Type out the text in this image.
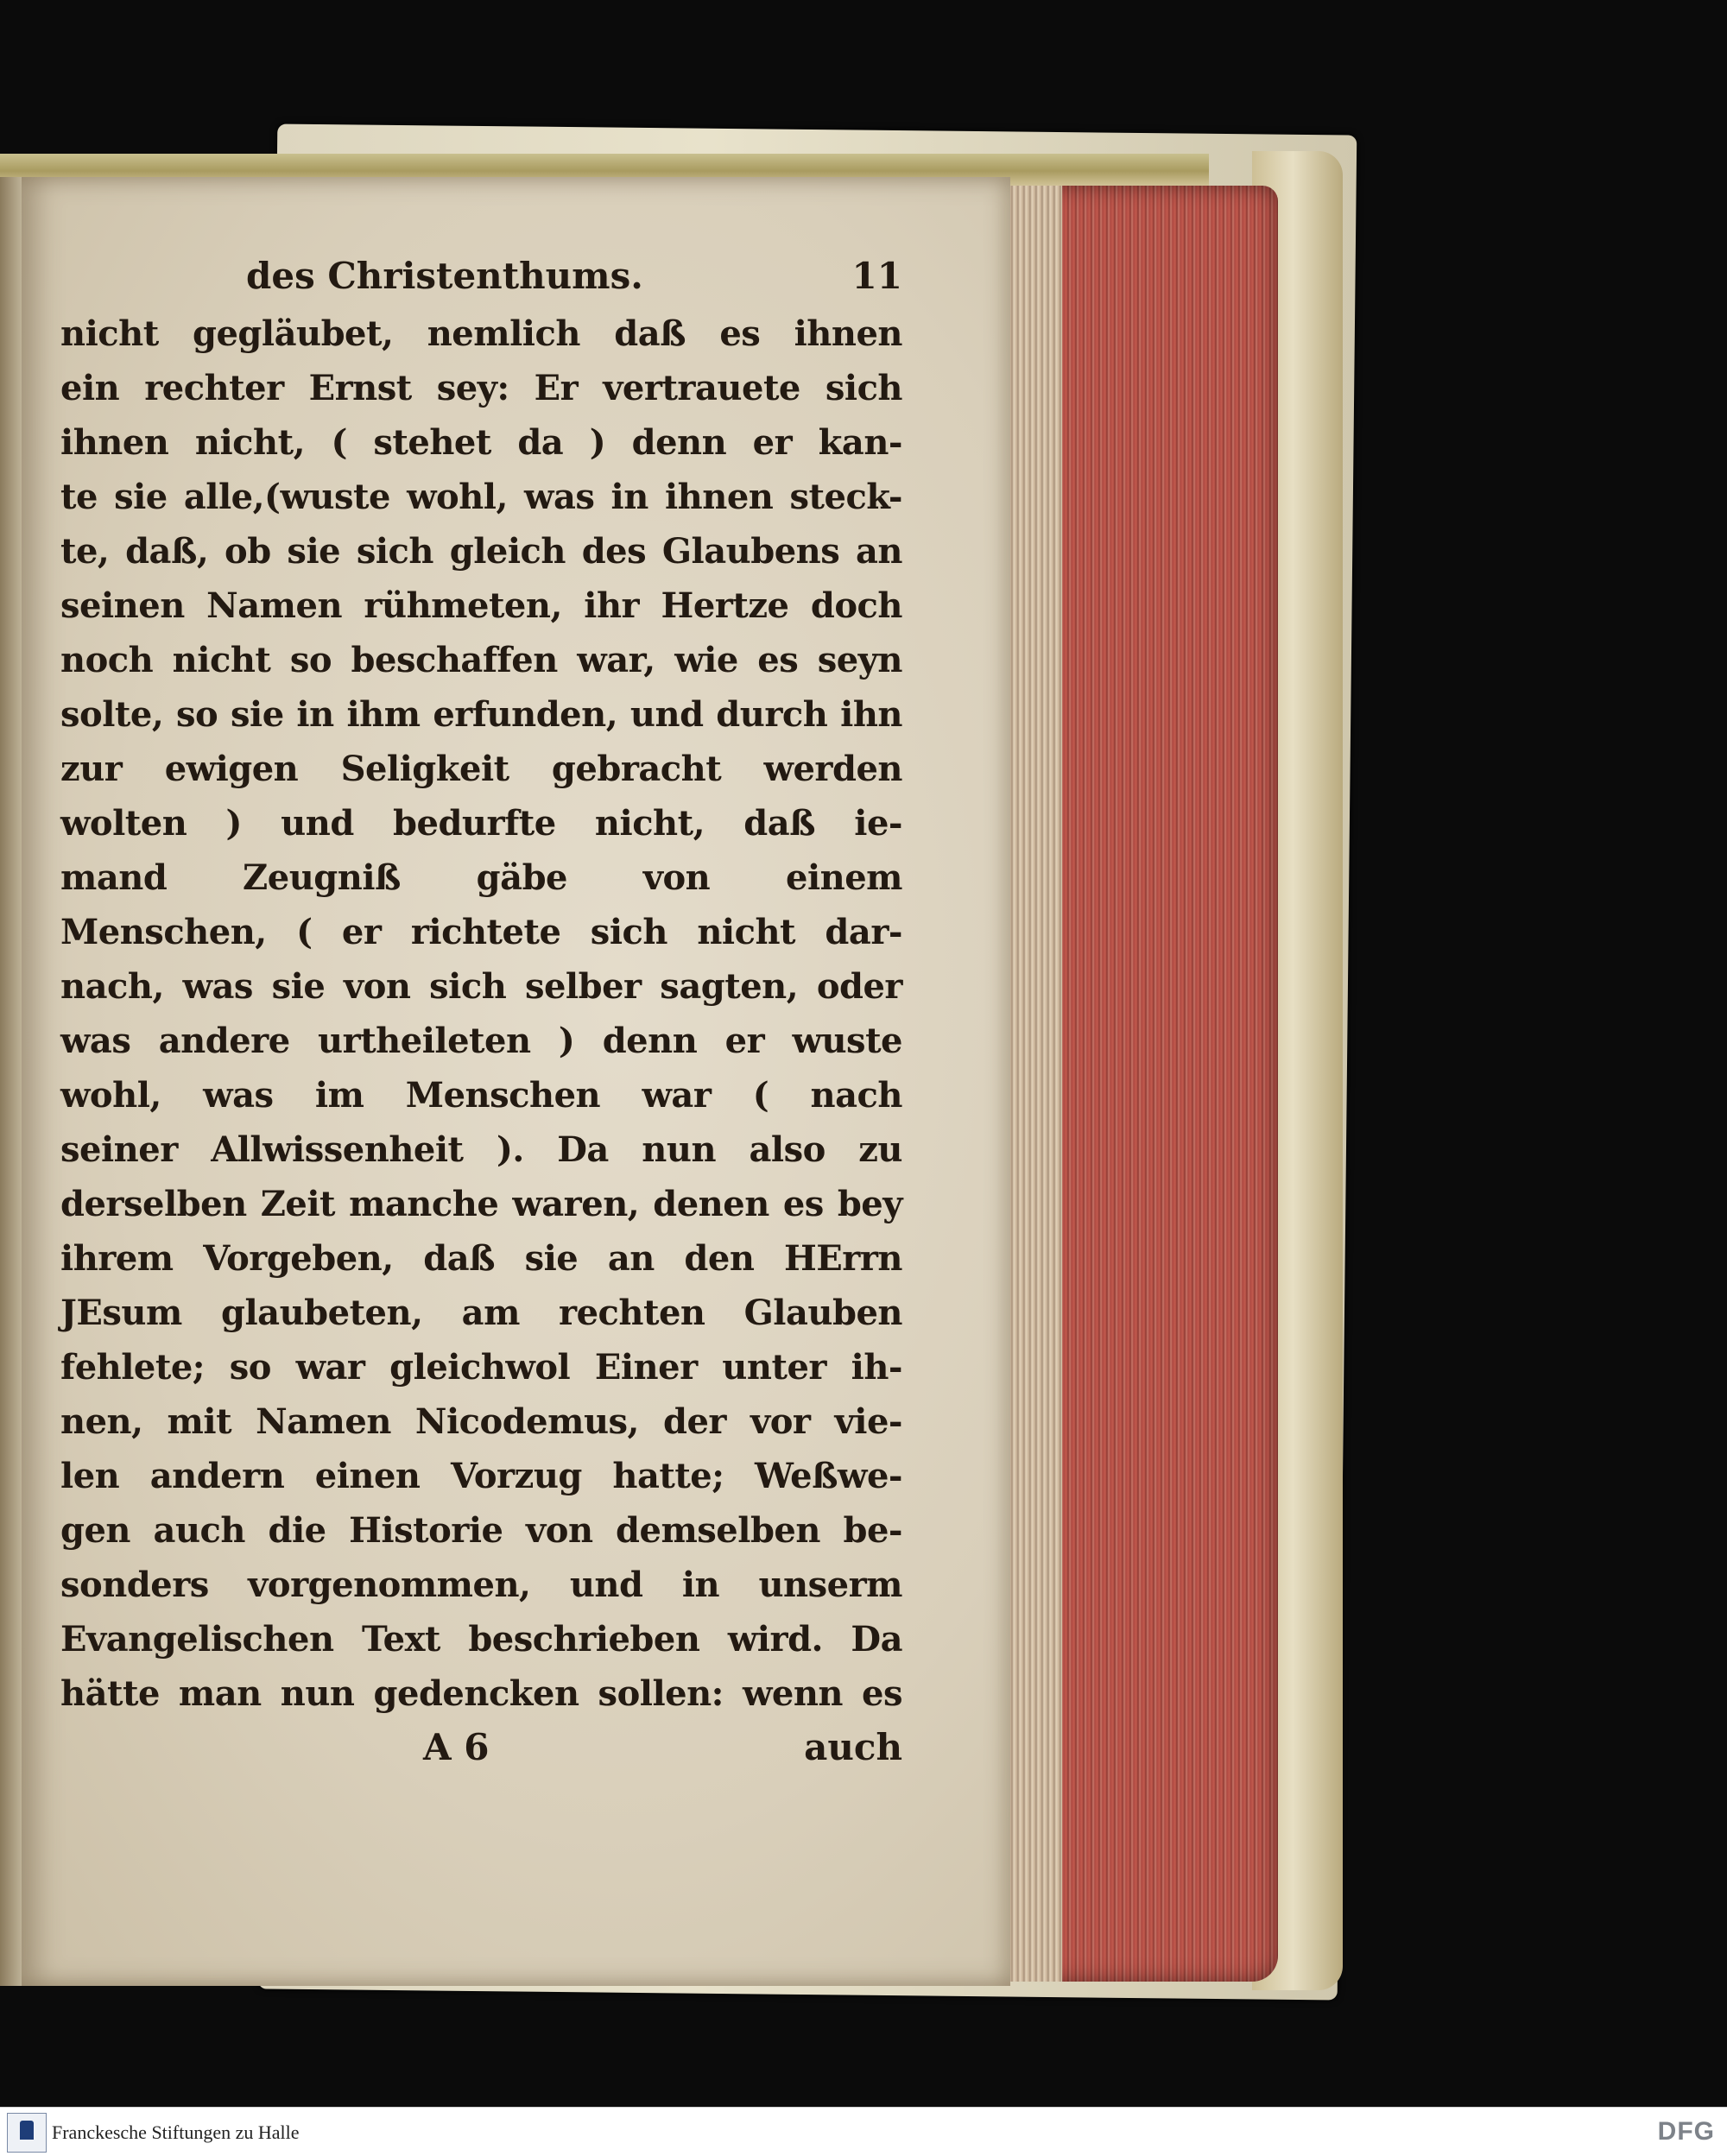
des Christenthums.	11
nicht gegläubet, nemlich daß es ihnen
ein rechter Ernst sey: Er vertrauete sich
ihnen nicht, ( stehet da ) denn er kan-
te sie alle,(wuste wohl, was in ihnen steck-
te, daß, ob sie sich gleich des Glaubens an
seinen Namen rühmeten, ihr Hertze doch
noch nicht so beschaffen war, wie es seyn
solte, so sie in ihm erfunden, und durch ihn
zur ewigen Seligkeit gebracht werden
wolten ) und bedurfte nicht, daß ie-
mand Zeugniß gäbe von einem
Menschen, ( er richtete sich nicht dar-
nach, was sie von sich selber sagten, oder
was andere urtheileten ) denn er wuste
wohl, was im Menschen war ( nach
seiner Allwissenheit ). Da nun also zu
derselben Zeit manche waren, denen es bey
ihrem Vorgeben, daß sie an den HErrn
JEsum glaubeten, am rechten Glauben
fehlete; so war gleichwol Einer unter ih-
nen, mit Namen Nicodemus, der vor vie-
len andern einen Vorzug hatte; Weßwe-
gen auch die Historie von demselben be-
sonders vorgenommen, und in unserm
Evangelischen Text beschrieben wird. Da
hätte man nun gedencken sollen: wenn es
A 6	auch
Franckesche Stiftungen zu Halle	DFG
